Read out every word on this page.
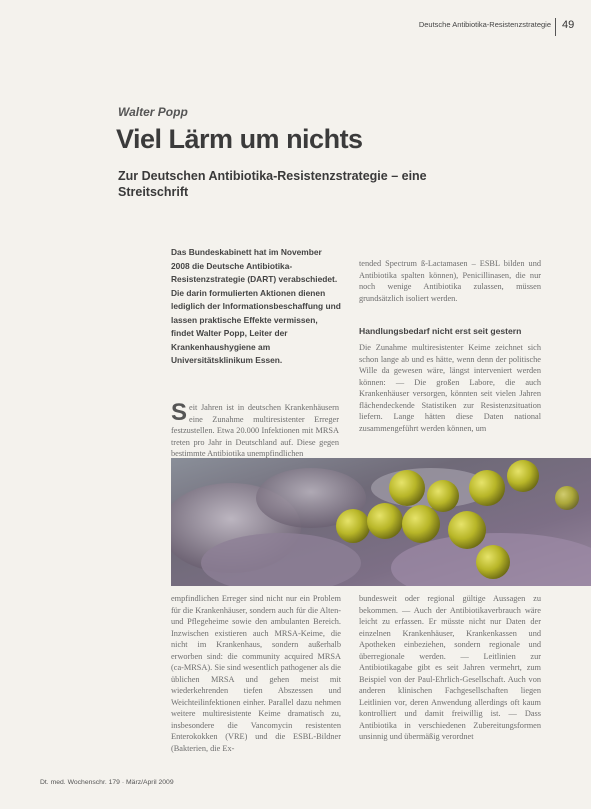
Deutsche Antibiotika-Resistenzstrategie 49
Walter Popp
Viel Lärm um nichts
Zur Deutschen Antibiotika-Resistenzstrategie – eine Streitschrift
Das Bundeskabinett hat im November 2008 die Deutsche Antibiotika-Resistenzstrategie (DART) verabschiedet. Die darin formulierten Aktionen dienen lediglich der Informationsbeschaffung und lassen praktische Effekte vermissen, findet Walter Popp, Leiter der Krankenhaushygiene am Universitätsklinikum Essen.
S eit Jahren ist in deutschen Krankenhäusern eine Zunahme multiresistenter Erreger festzustellen. Etwa 20.000 Infektionen mit MRSA treten pro Jahr in Deutschland auf. Diese gegen bestimmte Antibiotika unempfindlichen

tended Spectrum ß-Lactamasen – ESBL bilden und Antibiotika spalten können), Penicillinasen, die nur noch wenige Antibiotika zulassen, müssen grundsätzlich isoliert werden.

Handlungsbedarf nicht erst seit gestern

Die Zunahme multiresistenter Keime zeichnet sich schon lange ab und es hätte, wenn denn der politische Wille da gewesen wäre, längst interveniert werden können: — Die großen Labore, die auch Krankenhäuser versorgen, könnten seit vielen Jahren flächendeckende Statistiken zur Resistenzsituation liefern. Lange hätten diese Daten national zusammengeführt werden können, um

empfindlichen Erreger sind nicht nur ein Problem für die Krankenhäuser, sondern auch für die Alten- und Pflegeheime sowie den ambulanten Bereich. Inzwischen existieren auch MRSA-Keime, die nicht im Krankenhaus, sondern außerhalb erworben sind: die community acquired MRSA (ca-MRSA). Sie sind wesentlich pathogener als die üblichen MRSA und gehen meist mit wiederkehrenden tiefen Abszessen und Weichteilinfektionen einher. Parallel dazu nehmen weitere multiresistente Keime dramatisch zu, insbesondere die Vancomycin resistenten Enterokokken (VRE) und die ESBL-Bildner (Bakterien, die Ex-

bundesweit oder regional gültige Aussagen zu bekommen. — Auch der Antibiotikaverbrauch wäre leicht zu erfassen. Er müsste nicht nur Daten der einzelnen Krankenhäuser, Krankenkassen und Apotheken einbeziehen, sondern regionale und überregionale werden. — Leitlinien zur Antibiotikagabe gibt es seit Jahren vermehrt, zum Beispiel von der Paul-Ehrlich-Gesellschaft. Auch von anderen klinischen Fachgesellschaften liegen Leitlinien vor, deren Anwendung allerdings oft kaum kontrolliert und damit freiwillig ist. — Dass Antibiotika in verschiedenen Zubereitungsformen unsinnig und übermäßig verordnet

Dt. med. Wochenschr. 179 · März/April 2009
